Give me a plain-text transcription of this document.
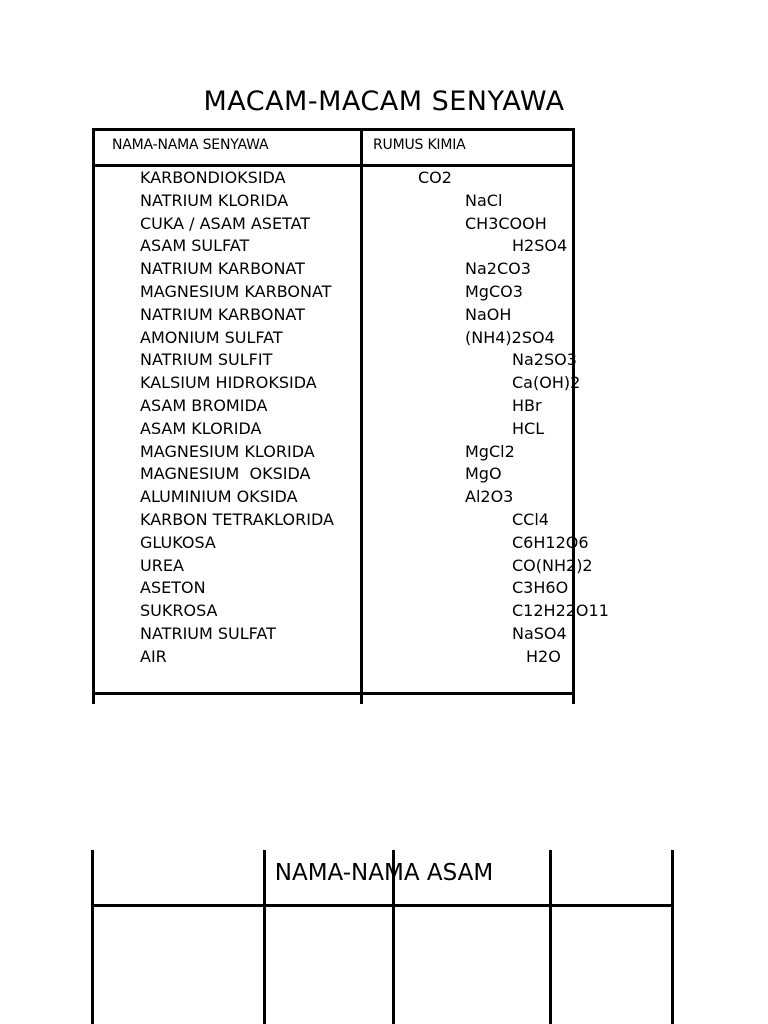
MACAM-MACAM SENYAWA
NAMA-NAMA SENYAWA	RUMUS KIMIA
KARBONDIOKSIDA	CO2
NATRIUM KLORIDA	NaCl
CUKA / ASAM ASETAT	CH3COOH
ASAM SULFAT	H2SO4
NATRIUM KARBONAT	Na2CO3
MAGNESIUM KARBONAT	MgCO3
NATRIUM KARBONAT	NaOH
AMONIUM SULFAT	(NH4)2SO4
NATRIUM SULFIT	Na2SO3
KALSIUM HIDROKSIDA	Ca(OH)2
ASAM BROMIDA	HBr
ASAM KLORIDA	HCL
MAGNESIUM KLORIDA	MgCl2
MAGNESIUM  OKSIDA	MgO
ALUMINIUM OKSIDA	Al2O3
KARBON TETRAKLORIDA	CCl4
GLUKOSA	C6H12O6
UREA	CO(NH2)2
ASETON	C3H6O
SUKROSA	C12H22O11
NATRIUM SULFAT	NaSO4
AIR	H2O
NAMA-NAMA ASAM
